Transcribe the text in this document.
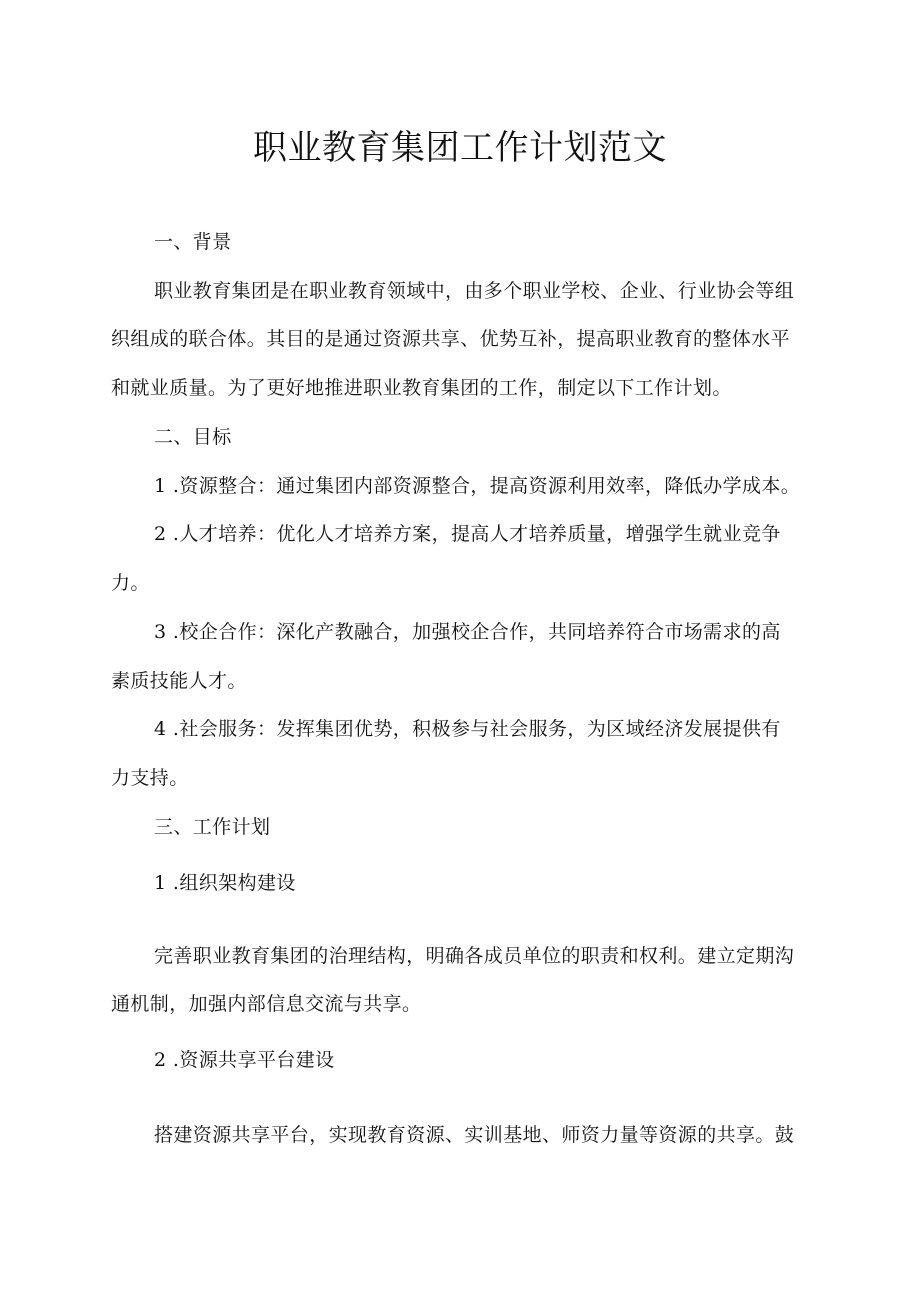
职业教育集团工作计划范文
一、背景
职业教育集团是在职业教育领域中，由多个职业学校、企业、行业协会等组
织组成的联合体。其目的是通过资源共享、优势互补，提高职业教育的整体水平
和就业质量。为了更好地推进职业教育集团的工作，制定以下工作计划。
二、目标
1 .资源整合：通过集团内部资源整合，提高资源利用效率，降低办学成本。
2 .人才培养：优化人才培养方案，提高人才培养质量，增强学生就业竞争
力。
3 .校企合作：深化产教融合，加强校企合作，共同培养符合市场需求的高
素质技能人才。
4 .社会服务：发挥集团优势，积极参与社会服务，为区域经济发展提供有
力支持。
三、工作计划
1 .组织架构建设
完善职业教育集团的治理结构，明确各成员单位的职责和权利。建立定期沟
通机制，加强内部信息交流与共享。
2 .资源共享平台建设
搭建资源共享平台，实现教育资源、实训基地、师资力量等资源的共享。鼓
